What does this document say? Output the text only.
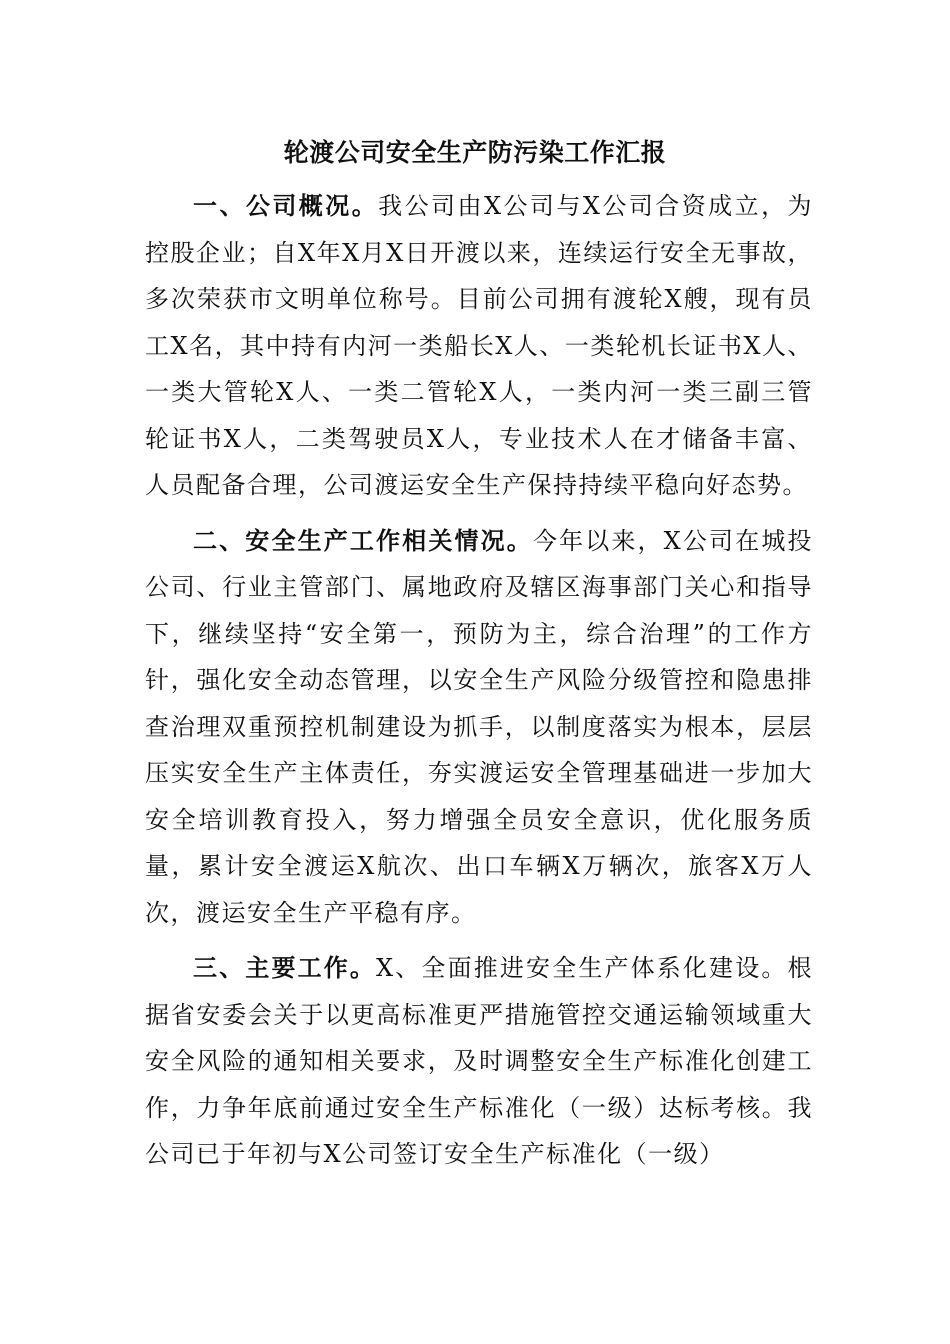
轮渡公司安全生产防污染工作汇报

一、公司概况。我公司由X公司与X公司合资成立，为控股企业；自X年X月X日开渡以来，连续运行安全无事故，多次荣获市文明单位称号。目前公司拥有渡轮X艘，现有员工X名，其中持有内河一类船长X人、一类轮机长证书X人、一类大管轮X人、一类二管轮X人，一类内河一类三副三管轮证书X人，二类驾驶员X人，专业技术人在才储备丰富、人员配备合理，公司渡运安全生产保持持续平稳向好态势。

二、安全生产工作相关情况。今年以来，X公司在城投公司、行业主管部门、属地政府及辖区海事部门关心和指导下，继续坚持“安全第一，预防为主，综合治理”的工作方针，强化安全动态管理，以安全生产风险分级管控和隐患排查治理双重预控机制建设为抓手，以制度落实为根本，层层压实安全生产主体责任，夯实渡运安全管理基础进一步加大安全培训教育投入，努力增强全员安全意识，优化服务质量，累计安全渡运X航次、出口车辆X万辆次，旅客X万人次，渡运安全生产平稳有序。

三、主要工作。X、全面推进安全生产体系化建设。根据省安委会关于以更高标准更严措施管控交通运输领域重大安全风险的通知相关要求，及时调整安全生产标准化创建工作，力争年底前通过安全生产标准化（一级）达标考核。我公司已于年初与X公司签订安全生产标准化（一级）
